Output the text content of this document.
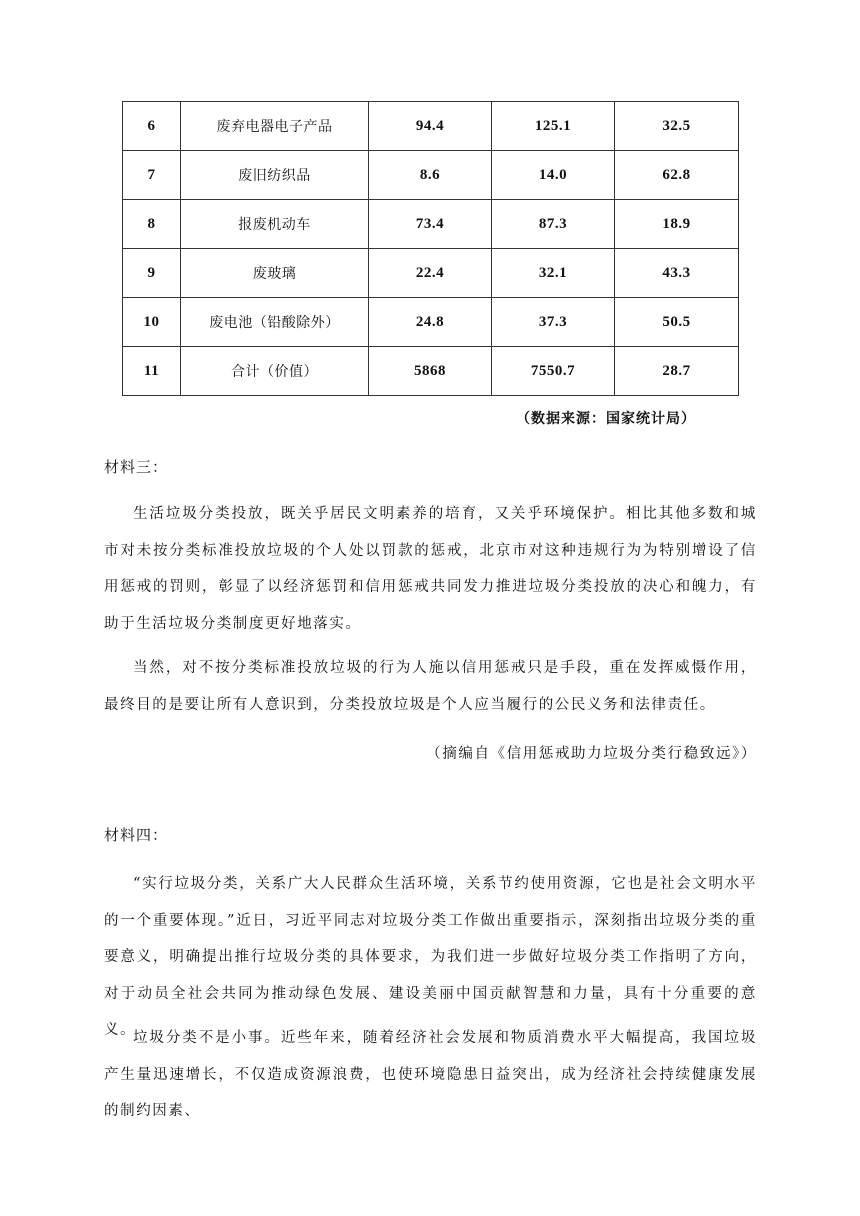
6	废弃电器电子产品	94.4	125.1	32.5
7	废旧纺织品	8.6	14.0	62.8
8	报废机动车	73.4	87.3	18.9
9	废玻璃	22.4	32.1	43.3
10	废电池（铅酸除外）	24.8	37.3	50.5
11	合计（价值）	5868	7550.7	28.7
（数据来源：国家统计局）
材料三：

生活垃圾分类投放，既关乎居民文明素养的培育，又关乎环境保护。相比其他多数和城市对未按分类标准投放垃圾的个人处以罚款的惩戒，北京市对这种违规行为为特别增设了信用惩戒的罚则，彰显了以经济惩罚和信用惩戒共同发力推进垃圾分类投放的决心和魄力，有助于生活垃圾分类制度更好地落实。

当然，对不按分类标准投放垃圾的行为人施以信用惩戒只是手段，重在发挥威慑作用，最终目的是要让所有人意识到，分类投放垃圾是个人应当履行的公民义务和法律责任。

（摘编自《信用惩戒助力垃圾分类行稳致远》）

材料四：

“实行垃圾分类，关系广大人民群众生活环境，关系节约使用资源，它也是社会文明水平的一个重要体现。”近日，习近平同志对垃圾分类工作做出重要指示，深刻指出垃圾分类的重要意义，明确提出推行垃圾分类的具体要求，为我们进一步做好垃圾分类工作指明了方向，对于动员全社会共同为推动绿色发展、建设美丽中国贡献智慧和力量，具有十分重要的意义。

垃圾分类不是小事。近些年来，随着经济社会发展和物质消费水平大幅提高，我国垃圾产生量迅速增长，不仅造成资源浪费，也使环境隐患日益突出，成为经济社会持续健康发展的制约因素、
